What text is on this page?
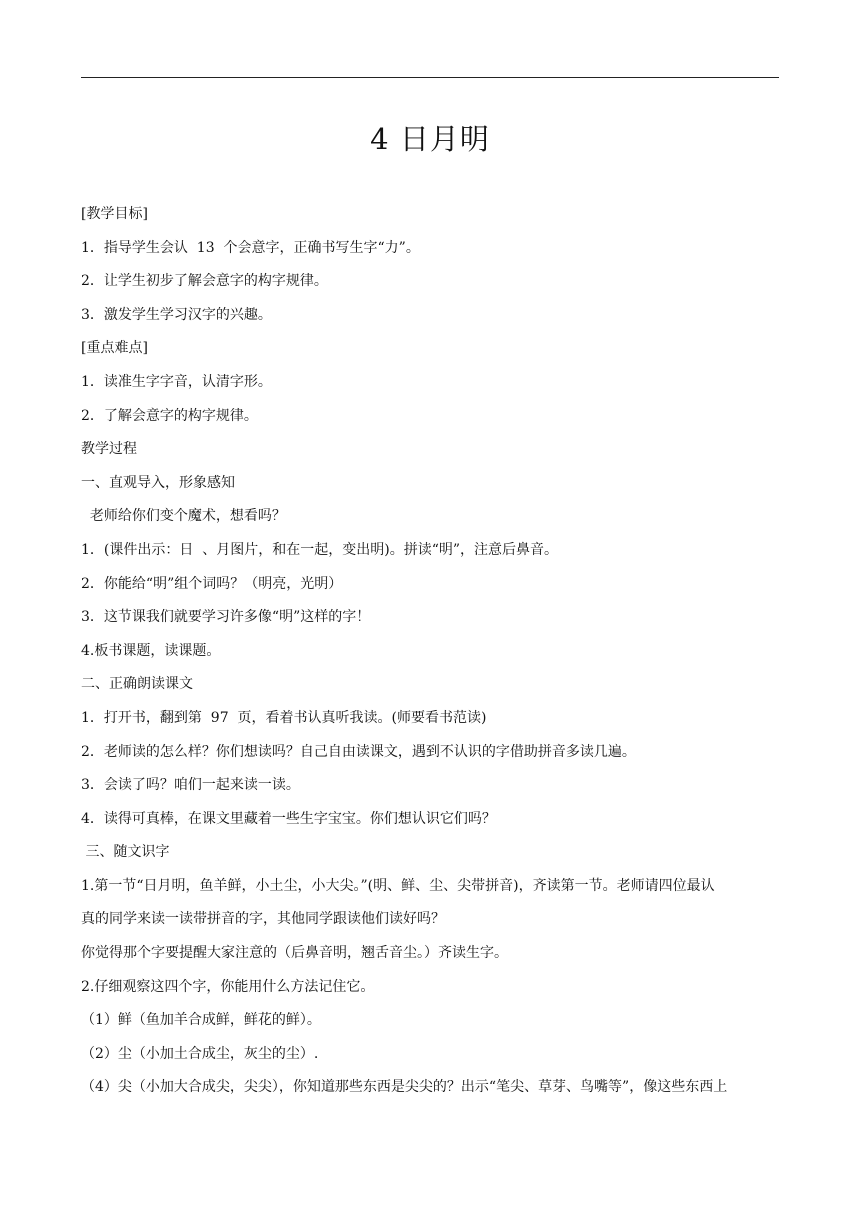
4 日月明

[教学目标]

1．指导学生会认  13  个会意字，正确书写生字“力”。

2．让学生初步了解会意字的构字规律。

3．激发学生学习汉字的兴趣。

[重点难点]

1．读准生字字音，认清字形。

2．了解会意字的构字规律。

教学过程

一、直观导入，形象感知

老师给你们变个魔术，想看吗？

1．(课件出示：日  、月图片，和在一起，变出明)。拼读“明”，注意后鼻音。

2．你能给“明”组个词吗？（明亮，光明）

3．这节课我们就要学习许多像“明”这样的字！

4.板书课题，读课题。

二、正确朗读课文

1．打开书，翻到第  97  页，看着书认真听我读。(师要看书范读)

2．老师读的怎么样？你们想读吗？自己自由读课文，遇到不认识的字借助拼音多读几遍。

3．会读了吗？咱们一起来读一读。

4．读得可真棒，在课文里藏着一些生字宝宝。你们想认识它们吗？

三、随文识字

1.第一节“日月明，鱼羊鲜，小土尘，小大尖。”(明、鲜、尘、尖带拼音)，齐读第一节。老师请四位最认

真的同学来读一读带拼音的字，其他同学跟读他们读好吗？

你觉得那个字要提醒大家注意的（后鼻音明，翘舌音尘。）齐读生字。

2.仔细观察这四个字，你能用什么方法记住它。

（1）鲜（鱼加羊合成鲜，鲜花的鲜）。

（2）尘（小加土合成尘，灰尘的尘）.

（4）尖（小加大合成尖，尖尖），你知道那些东西是尖尖的？出示“笔尖、草芽、鸟嘴等”，像这些东西上
